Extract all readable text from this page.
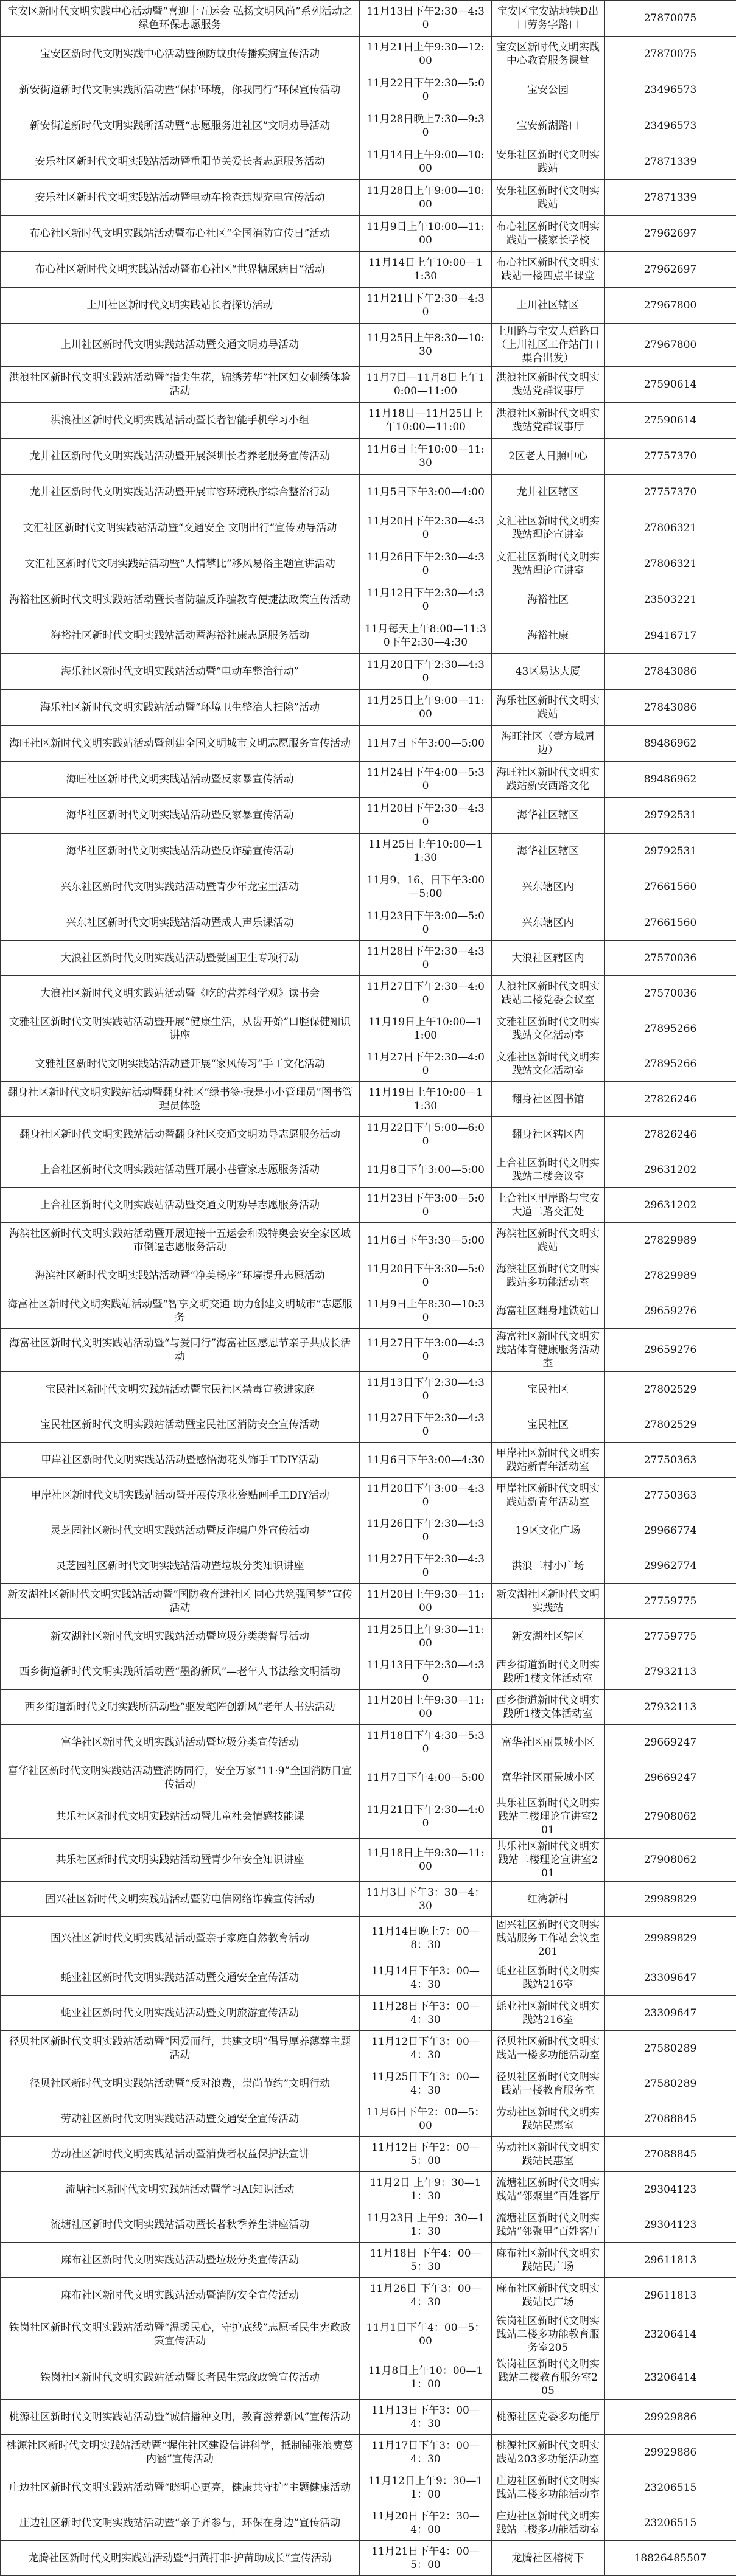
宝安区新时代文明实践中心活动暨“喜迎十五运会 弘扬文明风尚”系列活动之绿色环保志愿服务	11月13日下午2:30—4:30	宝安区宝安站地铁D出口劳务字路口	27870075
宝安区新时代文明实践中心活动暨预防蚊虫传播疾病宣传活动	11月21日上午9:30—12:00	宝安区新时代文明实践中心教育服务课堂	27870075
新安街道新时代文明实践所活动暨“保护环境，你我同行”环保宣传活动	11月22日下午2:30—5:00	宝安公园	23496573
新安街道新时代文明实践所活动暨“志愿服务进社区”文明劝导活动	11月28日晚上7:30—9:30	宝安新湖路口	23496573
安乐社区新时代文明实践站活动暨重阳节关爱长者志愿服务活动	11月14日上午9:00—10:00	安乐社区新时代文明实践站	27871339
安乐社区新时代文明实践站活动暨电动车检查违规充电宣传活动	11月28日上午9:00—10:00	安乐社区新时代文明实践站	27871339
布心社区新时代文明实践站活动暨布心社区“全国消防宣传日”活动	11月9日上午10:00—11:00	布心社区新时代文明实践站一楼家长学校	27962697
布心社区新时代文明实践站活动暨布心社区“世界糖尿病日”活动	11月14日上午10:00—11:30	布心社区新时代文明实践站一楼四点半课堂	27962697
上川社区新时代文明实践站长者探访活动	11月21日下午2:30—4:30	上川社区辖区	27967800
上川社区新时代文明实践站活动暨交通文明劝导活动	11月25日上午8:30—10:30	上川路与宝安大道路口（上川社区工作站门口集合出发）	27967800
洪浪社区新时代文明实践站活动暨“指尖生花，锦绣芳华”社区妇女刺绣体验活动	11月7日—11月8日上午10:00—11:00	洪浪社区新时代文明实践站党群议事厅	27590614
洪浪社区新时代文明实践站活动暨长者智能手机学习小组	11月18日—11月25日上午10:00—11:00	洪浪社区新时代文明实践站党群议事厅	27590614
龙井社区新时代文明实践站活动暨开展深圳长者养老服务宣传活动	11月6日上午10:00—11:30	2区老人日照中心	27757370
龙井社区新时代文明实践站活动暨开展市容环境秩序综合整治行动	11月5日下午3:00—4:00	龙井社区辖区	27757370
文汇社区新时代文明实践站活动暨“交通安全 文明出行”宣传劝导活动	11月20日下午2:30—4:30	文汇社区新时代文明实践站理论宣讲室	27806321
文汇社区新时代文明实践站活动暨“人情攀比”移风易俗主题宣讲活动	11月26日下午2:30—4:30	文汇社区新时代文明实践站理论宣讲室	27806321
海裕社区新时代文明实践站活动暨长者防骗反诈骗教育便捷法政策宣传活动	11月12日下午2:30—4:30	海裕社区	23503221
海裕社区新时代文明实践站活动暨海裕社康志愿服务活动	11月每天上午8:00—11:30下午2:30—4:30	海裕社康	29416717
海乐社区新时代文明实践站活动暨“电动车整治行动”	11月20日下午2:30—4:30	43区易达大厦	27843086
海乐社区新时代文明实践站活动暨“环境卫生整治大扫除”活动	11月25日上午9:00—11:00	海乐社区新时代文明实践站	27843086
海旺社区新时代文明实践站活动暨创建全国文明城市文明志愿服务宣传活动	11月7日下午3:00—5:00	海旺社区（壹方城周边）	89486962
海旺社区新时代文明实践站活动暨反家暴宣传活动	11月24日下午4:00—5:30	海旺社区新时代文明实践站新安西路文化	89486962
海华社区新时代文明实践站活动暨反家暴宣传活动	11月20日下午2:30—4:30	海华社区辖区	29792531
海华社区新时代文明实践站活动暨反诈骗宣传活动	11月25日上午10:00—11:30	海华社区辖区	29792531
兴东社区新时代文明实践站活动暨青少年龙宝里活动	11月9、16、日下午3:00—5:00	兴东辖区内	27661560
兴东社区新时代文明实践站活动暨成人声乐课活动	11月23日下午3:00—5:00	兴东辖区内	27661560
大浪社区新时代文明实践站活动暨爱国卫生专项行动	11月28日下午2:30—4:30	大浪社区辖区内	27570036
大浪社区新时代文明实践站活动暨《吃的营养科学观》读书会	11月27日下午2:30—4:00	大浪社区新时代文明实践站二楼党委会议室	27570036
文雅社区新时代文明实践站活动暨开展“健康生活，从齿开始”口腔保健知识讲座	11月19日上午10:00—11:00	文雅社区新时代文明实践站文化活动室	27895266
文雅社区新时代文明实践站活动暨开展“家风传习”手工文化活动	11月27日下午2:30—4:00	文雅社区新时代文明实践站文化活动室	27895266
翻身社区新时代文明实践站活动暨翻身社区“绿书签·我是小小管理员”图书管理员体验	11月19日上午10:00—11:30	翻身社区图书馆	27826246
翻身社区新时代文明实践站活动暨翻身社区交通文明劝导志愿服务活动	11月22日下午5:00—6:00	翻身社区辖区内	27826246
上合社区新时代文明实践站活动暨开展小巷管家志愿服务活动	11月8日下午3:00—5:00	上合社区新时代文明实践站二楼会议室	29631202
上合社区新时代文明实践站活动暨交通文明劝导志愿服务活动	11月23日下午3:00—5:00	上合社区甲岸路与宝安大道二路交汇处	29631202
海滨社区新时代文明实践站活动暨开展迎接十五运会和残特奥会安全家区城市倒逼志愿服务活动	11月6日下午3:30—5:00	海滨社区新时代文明实践站	27829989
海滨社区新时代文明实践站活动暨“净美畅序”环境提升志愿活动	11月20日下午3:30—5:00	海滨社区新时代文明实践站多功能活动室	27829989
海富社区新时代文明实践站活动暨“智享文明交通 助力创建文明城市”志愿服务	11月9日上午8:30—10:30	海富社区翻身地铁站口	29659276
海富社区新时代文明实践站活动暨“与爱同行”海富社区感恩节亲子共成长活动	11月27日下午3:00—4:30	海富社区新时代文明实践站体育健康服务活动室	29659276
宝民社区新时代文明实践站活动暨宝民社区禁毒宣教进家庭	11月13日下午2:30—4:30	宝民社区	27802529
宝民社区新时代文明实践站活动暨宝民社区消防安全宣传活动	11月27日下午2:30—4:30	宝民社区	27802529
甲岸社区新时代文明实践站活动暨感悟海花头饰手工DIY活动	11月6日下午3:00—4:30	甲岸社区新时代文明实践站新青年活动室	27750363
甲岸社区新时代文明实践站活动暨开展传承花瓷贴画手工DIY活动	11月20日下午3:00—4:30	甲岸社区新时代文明实践站新青年活动室	27750363
灵芝园社区新时代文明实践站活动暨反诈骗户外宣传活动	11月26日下午2:30—4:30	19区文化广场	29966774
灵芝园社区新时代文明实践站活动暨垃圾分类知识讲座	11月27日下午2:30—4:30	洪浪二村小广场	29962774
新安湖社区新时代文明实践站活动暨“国防教育进社区 同心共筑强国梦”宣传活动	11月20日上午9:30—11:00	新安湖社区新时代文明实践站	27759775
新安湖社区新时代文明实践站活动暨垃圾分类类督导活动	11月25日上午9:30—11:00	新安湖社区辖区	27759775
西乡街道新时代文明实践所活动暨“墨韵新风”—老年人书法绘文明活动	11月13日下午2:30—4:30	西乡街道新时代文明实践所1楼文体活动室	27932113
西乡街道新时代文明实践所活动暨“驱发笔阵创新风”老年人书法活动	11月20日上午9:30—11:00	西乡街道新时代文明实践所1楼文体活动室	27932113
富华社区新时代文明实践站活动暨垃圾分类宣传活动	11月18日下午4:30—5:30	富华社区丽景城小区	29669247
富华社区新时代文明实践站活动暨消防同行，安全万家“11·9”全国消防日宣传活动	11月7日下午4:00—5:00	富华社区丽景城小区	29669247
共乐社区新时代文明实践站活动暨儿童社会情感技能课	11月21日下午2:30—4:00	共乐社区新时代文明实践站二楼理论宣讲室201	27908062
共乐社区新时代文明实践站活动暨青少年安全知识讲座	11月18日上午9:30—11:00	共乐社区新时代文明实践站二楼理论宣讲室201	27908062
固兴社区新时代文明实践站活动暨防电信网络诈骗宣传活动	11月3日下午3：30—4：30	红湾新村	29989829
固兴社区新时代文明实践站活动暨亲子家庭自然教育活动	11月14日晚上7：00—8：30	固兴社区新时代文明实践站服务工作站会议室201	29989829
蚝业社区新时代文明实践站活动暨交通安全宣传活动	11月14日下午3：00—4：30	蚝业社区新时代文明实践站216室	23309647
蚝业社区新时代文明实践站活动暨文明旅游宣传活动	11月28日下午3：00—4：30	蚝业社区新时代文明实践站216室	23309647
径贝社区新时代文明实践站活动暨“因爱而行，共建文明”倡导厚养薄葬主题活动	11月12日下午3：00—4：30	径贝社区新时代文明实践站一楼多功能活动室	27580289
径贝社区新时代文明实践站活动暨“反对浪费，崇尚节约”文明行动	11月25日下午3：00—4：30	径贝社区新时代文明实践站一楼教育服务室	27580289
劳动社区新时代文明实践站活动暨交通安全宣传活动	11月6日下午2：00—5：00	劳动社区新时代文明实践站民惠室	27088845
劳动社区新时代文明实践站活动暨消费者权益保护法宣讲	11月12日下午2：00—5：00	劳动社区新时代文明实践站民惠室	27088845
流塘社区新时代文明实践站活动暨学习AI知识活动	11月2日 上午9：30—11：30	流塘社区新时代文明实践站“邻聚里”百姓客厅	29304123
流塘社区新时代文明实践站活动暨长者秋季养生讲座活动	11月23日 上午9：30—11：30	流塘社区新时代文明实践站“邻聚里”百姓客厅	29304123
麻布社区新时代文明实践站活动暨垃圾分类宣传活动	11月18日 下午4：00—5：30	麻布社区新时代文明实践站民广场	29611813
麻布社区新时代文明实践站活动暨消防安全宣传活动	11月26日 下午3：00—4：30	麻布社区新时代文明实践站民广场	29611813
铁岗社区新时代文明实践站活动暨“温暖民心，守护底线”志愿者民生宪政政策宣传活动	11月1日下午4：00—5：00	铁岗社区新时代文明实践站二楼多功能教育服务室205	23206414
铁岗社区新时代文明实践站活动暨长者民生宪政政策宣传活动	11月8日上午10：00—11：00	铁岗社区新时代文明实践站二楼教育服务室205	23206414
桃源社区新时代文明实践站活动暨“诚信播种文明，教育滋养新风”宣传活动	11月13日下午3：00—4：30	桃源社区党委多功能厅	29929886
桃源社区新时代文明实践站活动暨“握住社区建设信讲科学，抵制铺张浪费蔓内涵”宣传活动	11月17日下午3：00—4：30	桃源社区新时代文明实践站203多功能活动室	29929886
庄边社区新时代文明实践站活动暨“晓明心更亮，健康共守护”主题健康活动	11月12日上午9：30—11：00	庄边社区新时代文明实践站二楼多功能活动室	23206515
庄边社区新时代文明实践站活动暨“亲子齐参与，环保在身边”宣传活动	11月20日下午2：30—4：00	庄边社区新时代文明实践站二楼多功能活动室	23206515
龙腾社区新时代文明实践站活动暨“扫黄打非·护苗助成长”宣传活动	11月21日下午4：00—5：00	龙腾社区榕树下	18826485507
